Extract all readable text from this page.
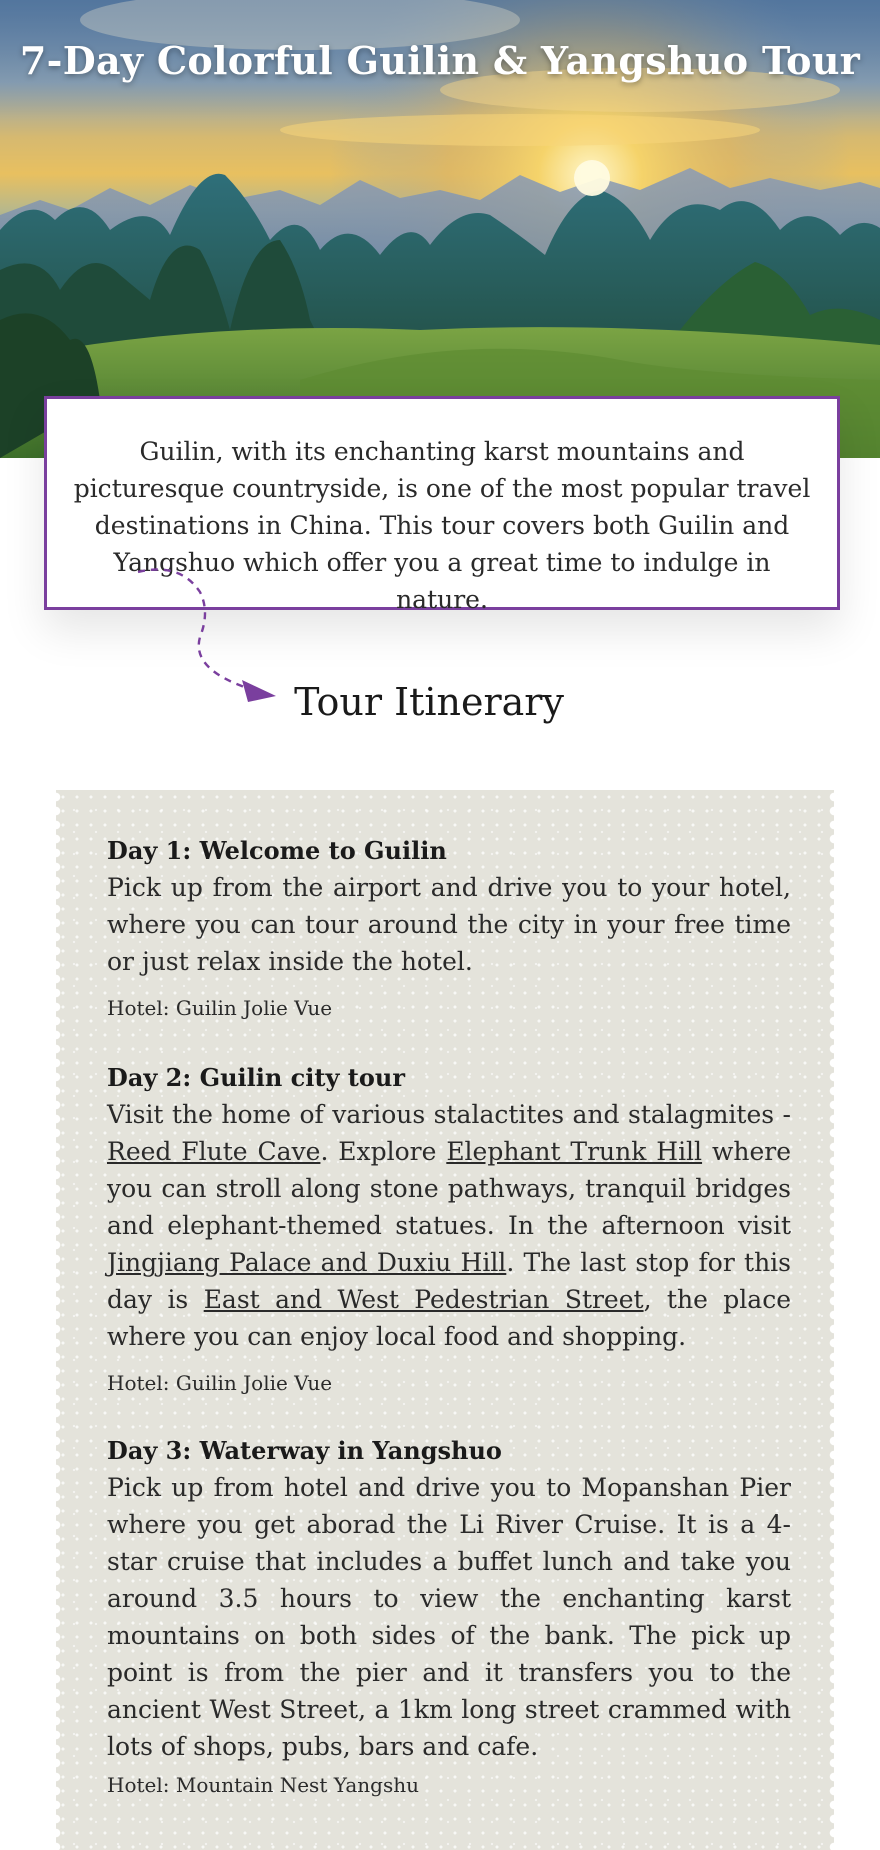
7-Day Colorful Guilin & Yangshuo Tour
Guilin, with its enchanting karst mountains and picturesque countryside, is one of the most popular travel destinations in China. This tour covers both Guilin and Yangshuo which offer you a great time to indulge in nature.
Tour Itinerary
Day 1: Welcome to Guilin
Pick up from the airport and drive you to your hotel, where you can tour around the city in your free time or just relax inside the hotel.
Hotel: Guilin Jolie Vue
Day 2: Guilin city tour
Visit the home of various stalactites and stalagmites - Reed Flute Cave. Explore Elephant Trunk Hill where you can stroll along stone pathways, tranquil bridges and elephant-themed statues. In the afternoon visit Jingjiang Palace and Duxiu Hill. The last stop for this day is East and West Pedestrian Street, the place where you can enjoy local food and shopping.
Hotel: Guilin Jolie Vue
Day 3: Waterway in Yangshuo
Pick up from hotel and drive you to Mopanshan Pier where you get aborad the Li River Cruise. It is a 4-star cruise that includes a buffet lunch and take you around 3.5 hours to view the enchanting karst mountains on both sides of the bank. The pick up point is from the pier and it transfers you to the ancient West Street, a 1km long street crammed with lots of shops, pubs, bars and cafe.
Hotel: Mountain Nest Yangshu
